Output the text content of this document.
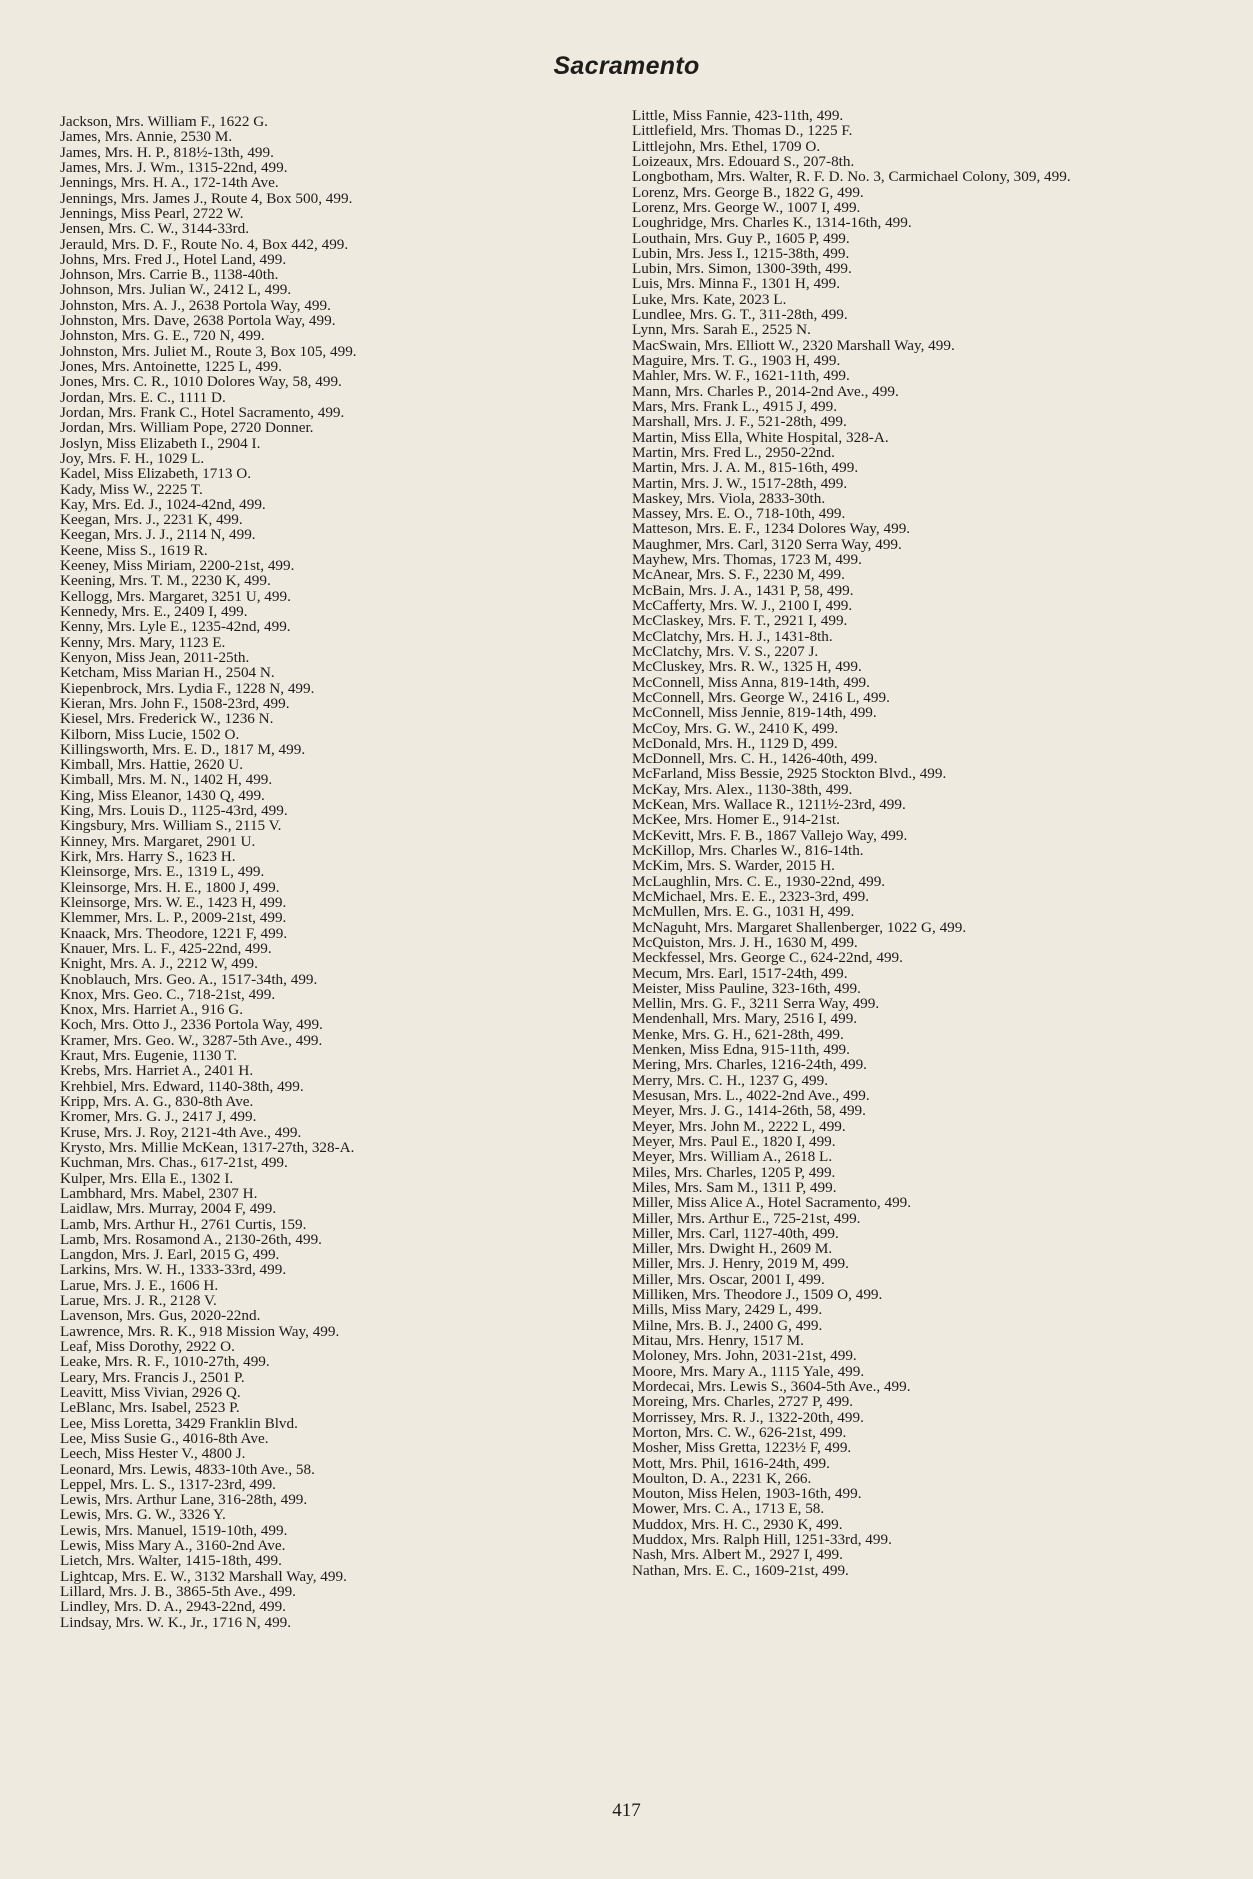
Sacramento
Jackson, Mrs. William F., 1622 G.
James, Mrs. Annie, 2530 M.
James, Mrs. H. P., 818½-13th, 499.
James, Mrs. J. Wm., 1315-22nd, 499.
Jennings, Mrs. H. A., 172-14th Ave.
Jennings, Mrs. James J., Route 4, Box 500, 499.
Jennings, Miss Pearl, 2722 W.
Jensen, Mrs. C. W., 3144-33rd.
Jerauld, Mrs. D. F., Route No. 4, Box 442, 499.
Johns, Mrs. Fred J., Hotel Land, 499.
Johnson, Mrs. Carrie B., 1138-40th.
Johnson, Mrs. Julian W., 2412 L, 499.
Johnston, Mrs. A. J., 2638 Portola Way, 499.
Johnston, Mrs. Dave, 2638 Portola Way, 499.
Johnston, Mrs. G. E., 720 N, 499.
Johnston, Mrs. Juliet M., Route 3, Box 105, 499.
Jones, Mrs. Antoinette, 1225 L, 499.
Jones, Mrs. C. R., 1010 Dolores Way, 58, 499.
Jordan, Mrs. E. C., 1111 D.
Jordan, Mrs. Frank C., Hotel Sacramento, 499.
Jordan, Mrs. William Pope, 2720 Donner.
Joslyn, Miss Elizabeth I., 2904 I.
Joy, Mrs. F. H., 1029 L.
Kadel, Miss Elizabeth, 1713 O.
Kady, Miss W., 2225 T.
Kay, Mrs. Ed. J., 1024-42nd, 499.
Keegan, Mrs. J., 2231 K, 499.
Keegan, Mrs. J. J., 2114 N, 499.
Keene, Miss S., 1619 R.
Keeney, Miss Miriam, 2200-21st, 499.
Keening, Mrs. T. M., 2230 K, 499.
Kellogg, Mrs. Margaret, 3251 U, 499.
Kennedy, Mrs. E., 2409 I, 499.
Kenny, Mrs. Lyle E., 1235-42nd, 499.
Kenny, Mrs. Mary, 1123 E.
Kenyon, Miss Jean, 2011-25th.
Ketcham, Miss Marian H., 2504 N.
Kiepenbrock, Mrs. Lydia F., 1228 N, 499.
Kieran, Mrs. John F., 1508-23rd, 499.
Kiesel, Mrs. Frederick W., 1236 N.
Kilborn, Miss Lucie, 1502 O.
Killingsworth, Mrs. E. D., 1817 M, 499.
Kimball, Mrs. Hattie, 2620 U.
Kimball, Mrs. M. N., 1402 H, 499.
King, Miss Eleanor, 1430 Q, 499.
King, Mrs. Louis D., 1125-43rd, 499.
Kingsbury, Mrs. William S., 2115 V.
Kinney, Mrs. Margaret, 2901 U.
Kirk, Mrs. Harry S., 1623 H.
Kleinsorge, Mrs. E., 1319 L, 499.
Kleinsorge, Mrs. H. E., 1800 J, 499.
Kleinsorge, Mrs. W. E., 1423 H, 499.
Klemmer, Mrs. L. P., 2009-21st, 499.
Knaack, Mrs. Theodore, 1221 F, 499.
Knauer, Mrs. L. F., 425-22nd, 499.
Knight, Mrs. A. J., 2212 W, 499.
Knoblauch, Mrs. Geo. A., 1517-34th, 499.
Knox, Mrs. Geo. C., 718-21st, 499.
Knox, Mrs. Harriet A., 916 G.
Koch, Mrs. Otto J., 2336 Portola Way, 499.
Kramer, Mrs. Geo. W., 3287-5th Ave., 499.
Kraut, Mrs. Eugenie, 1130 T.
Krebs, Mrs. Harriet A., 2401 H.
Krehbiel, Mrs. Edward, 1140-38th, 499.
Kripp, Mrs. A. G., 830-8th Ave.
Kromer, Mrs. G. J., 2417 J, 499.
Kruse, Mrs. J. Roy, 2121-4th Ave., 499.
Krysto, Mrs. Millie McKean, 1317-27th, 328-A.
Kuchman, Mrs. Chas., 617-21st, 499.
Kulper, Mrs. Ella E., 1302 I.
Lambhard, Mrs. Mabel, 2307 H.
Laidlaw, Mrs. Murray, 2004 F, 499.
Lamb, Mrs. Arthur H., 2761 Curtis, 159.
Lamb, Mrs. Rosamond A., 2130-26th, 499.
Langdon, Mrs. J. Earl, 2015 G, 499.
Larkins, Mrs. W. H., 1333-33rd, 499.
Larue, Mrs. J. E., 1606 H.
Larue, Mrs. J. R., 2128 V.
Lavenson, Mrs. Gus, 2020-22nd.
Lawrence, Mrs. R. K., 918 Mission Way, 499.
Leaf, Miss Dorothy, 2922 O.
Leake, Mrs. R. F., 1010-27th, 499.
Leary, Mrs. Francis J., 2501 P.
Leavitt, Miss Vivian, 2926 Q.
LeBlanc, Mrs. Isabel, 2523 P.
Lee, Miss Loretta, 3429 Franklin Blvd.
Lee, Miss Susie G., 4016-8th Ave.
Leech, Miss Hester V., 4800 J.
Leonard, Mrs. Lewis, 4833-10th Ave., 58.
Leppel, Mrs. L. S., 1317-23rd, 499.
Lewis, Mrs. Arthur Lane, 316-28th, 499.
Lewis, Mrs. G. W., 3326 Y.
Lewis, Mrs. Manuel, 1519-10th, 499.
Lewis, Miss Mary A., 3160-2nd Ave.
Lietch, Mrs. Walter, 1415-18th, 499.
Lightcap, Mrs. E. W., 3132 Marshall Way, 499.
Lillard, Mrs. J. B., 3865-5th Ave., 499.
Lindley, Mrs. D. A., 2943-22nd, 499.
Lindsay, Mrs. W. K., Jr., 1716 N, 499.
Little, Miss Fannie, 423-11th, 499.
Littlefield, Mrs. Thomas D., 1225 F.
Littlejohn, Mrs. Ethel, 1709 O.
Loizeaux, Mrs. Edouard S., 207-8th.
Longbotham, Mrs. Walter, R. F. D. No. 3, Carmichael Colony, 309, 499.
Lorenz, Mrs. George B., 1822 G, 499.
Lorenz, Mrs. George W., 1007 I, 499.
Loughridge, Mrs. Charles K., 1314-16th, 499.
Louthain, Mrs. Guy P., 1605 P, 499.
Lubin, Mrs. Jess I., 1215-38th, 499.
Lubin, Mrs. Simon, 1300-39th, 499.
Luis, Mrs. Minna F., 1301 H, 499.
Luke, Mrs. Kate, 2023 L.
Lundlee, Mrs. G. T., 311-28th, 499.
Lynn, Mrs. Sarah E., 2525 N.
MacSwain, Mrs. Elliott W., 2320 Marshall Way, 499.
Maguire, Mrs. T. G., 1903 H, 499.
Mahler, Mrs. W. F., 1621-11th, 499.
Mann, Mrs. Charles P., 2014-2nd Ave., 499.
Mars, Mrs. Frank L., 4915 J, 499.
Marshall, Mrs. J. F., 521-28th, 499.
Martin, Miss Ella, White Hospital, 328-A.
Martin, Mrs. Fred L., 2950-22nd.
Martin, Mrs. J. A. M., 815-16th, 499.
Martin, Mrs. J. W., 1517-28th, 499.
Maskey, Mrs. Viola, 2833-30th.
Massey, Mrs. E. O., 718-10th, 499.
Matteson, Mrs. E. F., 1234 Dolores Way, 499.
Maughmer, Mrs. Carl, 3120 Serra Way, 499.
Mayhew, Mrs. Thomas, 1723 M, 499.
McAnear, Mrs. S. F., 2230 M, 499.
McBain, Mrs. J. A., 1431 P, 58, 499.
McCafferty, Mrs. W. J., 2100 I, 499.
McClaskey, Mrs. F. T., 2921 I, 499.
McClatchy, Mrs. H. J., 1431-8th.
McClatchy, Mrs. V. S., 2207 J.
McCluskey, Mrs. R. W., 1325 H, 499.
McConnell, Miss Anna, 819-14th, 499.
McConnell, Mrs. George W., 2416 L, 499.
McConnell, Miss Jennie, 819-14th, 499.
McCoy, Mrs. G. W., 2410 K, 499.
McDonald, Mrs. H., 1129 D, 499.
McDonnell, Mrs. C. H., 1426-40th, 499.
McFarland, Miss Bessie, 2925 Stockton Blvd., 499.
McKay, Mrs. Alex., 1130-38th, 499.
McKean, Mrs. Wallace R., 1211½-23rd, 499.
McKee, Mrs. Homer E., 914-21st.
McKevitt, Mrs. F. B., 1867 Vallejo Way, 499.
McKillop, Mrs. Charles W., 816-14th.
McKim, Mrs. S. Warder, 2015 H.
McLaughlin, Mrs. C. E., 1930-22nd, 499.
McMichael, Mrs. E. E., 2323-3rd, 499.
McMullen, Mrs. E. G., 1031 H, 499.
McNaguht, Mrs. Margaret Shallenberger, 1022 G, 499.
McQuiston, Mrs. J. H., 1630 M, 499.
Meckfessel, Mrs. George C., 624-22nd, 499.
Mecum, Mrs. Earl, 1517-24th, 499.
Meister, Miss Pauline, 323-16th, 499.
Mellin, Mrs. G. F., 3211 Serra Way, 499.
Mendenhall, Mrs. Mary, 2516 I, 499.
Menke, Mrs. G. H., 621-28th, 499.
Menken, Miss Edna, 915-11th, 499.
Mering, Mrs. Charles, 1216-24th, 499.
Merry, Mrs. C. H., 1237 G, 499.
Mesusan, Mrs. L., 4022-2nd Ave., 499.
Meyer, Mrs. J. G., 1414-26th, 58, 499.
Meyer, Mrs. John M., 2222 L, 499.
Meyer, Mrs. Paul E., 1820 I, 499.
Meyer, Mrs. William A., 2618 L.
Miles, Mrs. Charles, 1205 P, 499.
Miles, Mrs. Sam M., 1311 P, 499.
Miller, Miss Alice A., Hotel Sacramento, 499.
Miller, Mrs. Arthur E., 725-21st, 499.
Miller, Mrs. Carl, 1127-40th, 499.
Miller, Mrs. Dwight H., 2609 M.
Miller, Mrs. J. Henry, 2019 M, 499.
Miller, Mrs. Oscar, 2001 I, 499.
Milliken, Mrs. Theodore J., 1509 O, 499.
Mills, Miss Mary, 2429 L, 499.
Milne, Mrs. B. J., 2400 G, 499.
Mitau, Mrs. Henry, 1517 M.
Moloney, Mrs. John, 2031-21st, 499.
Moore, Mrs. Mary A., 1115 Yale, 499.
Mordecai, Mrs. Lewis S., 3604-5th Ave., 499.
Moreing, Mrs. Charles, 2727 P, 499.
Morrissey, Mrs. R. J., 1322-20th, 499.
Morton, Mrs. C. W., 626-21st, 499.
Mosher, Miss Gretta, 1223½ F, 499.
Mott, Mrs. Phil, 1616-24th, 499.
Moulton, D. A., 2231 K, 266.
Mouton, Miss Helen, 1903-16th, 499.
Mower, Mrs. C. A., 1713 E, 58.
Muddox, Mrs. H. C., 2930 K, 499.
Muddox, Mrs. Ralph Hill, 1251-33rd, 499.
Nash, Mrs. Albert M., 2927 I, 499.
Nathan, Mrs. E. C., 1609-21st, 499.
417
